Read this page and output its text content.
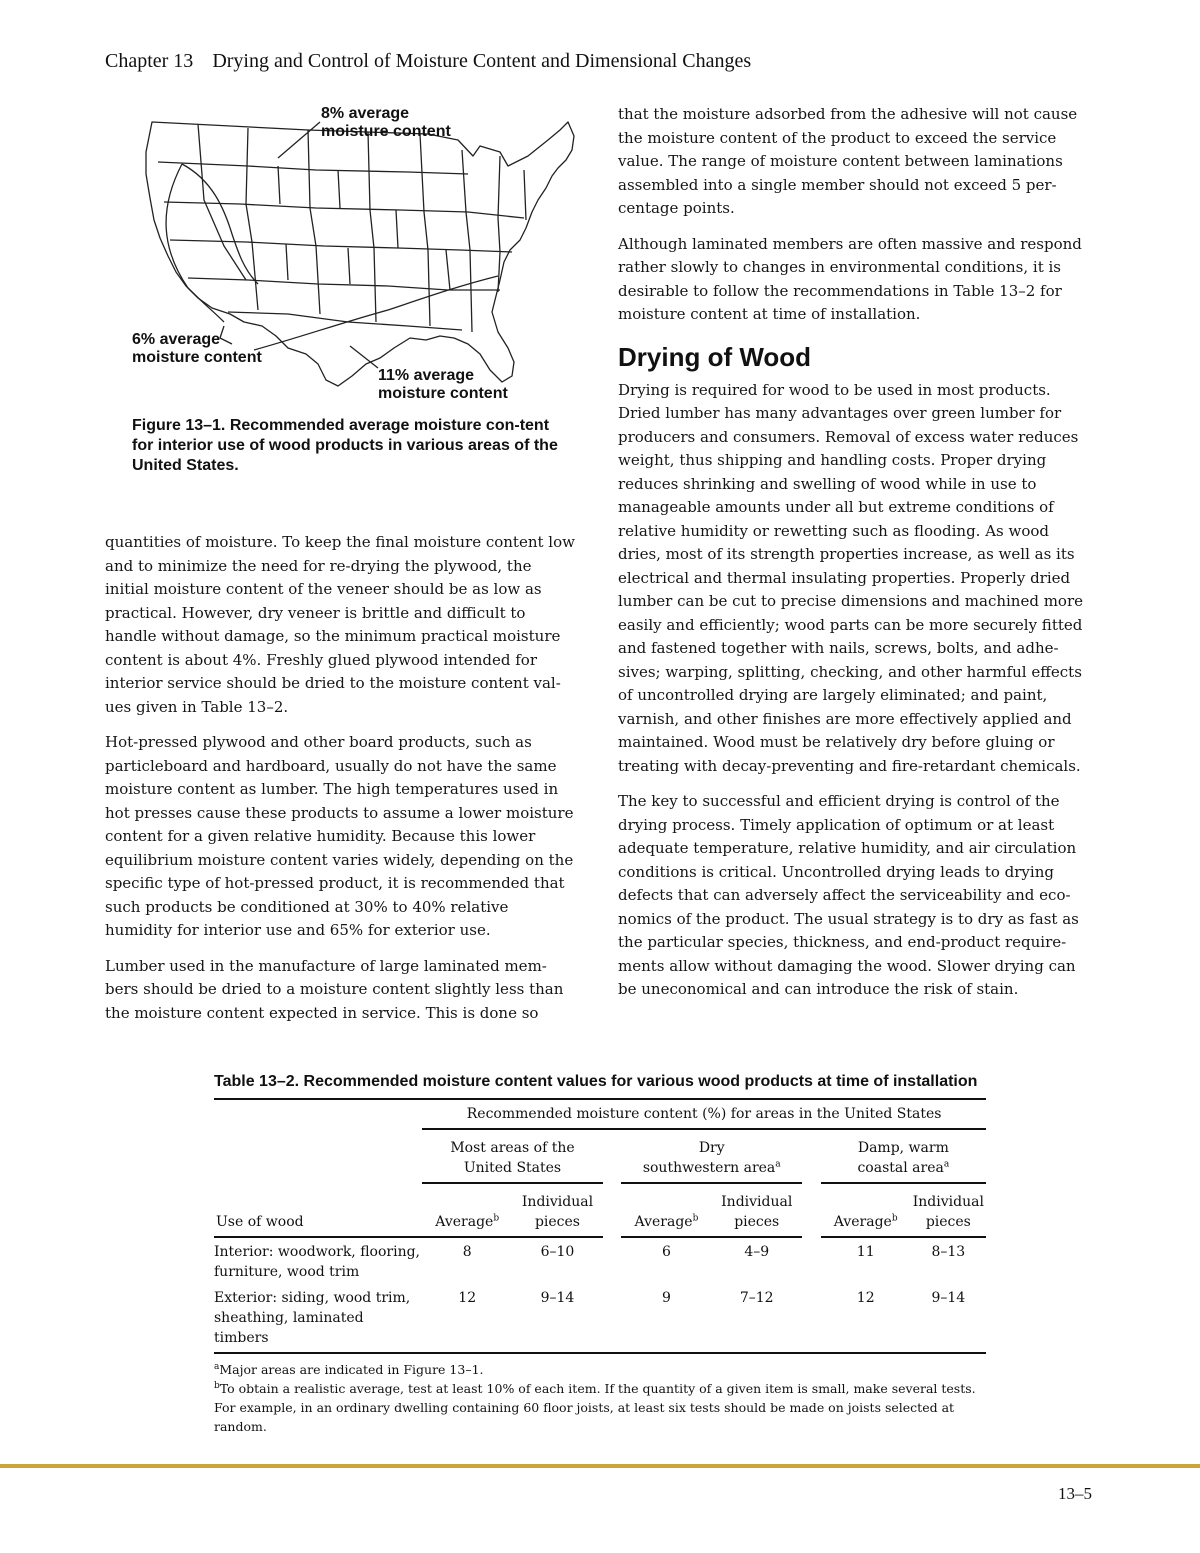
Chapter 13 Drying and Control of Moisture Content and Dimensional Changes
8% average
moisture content
6% average
moisture content
11% average
moisture content
Figure 13–1. Recommended average moisture con-tent for interior use of wood products in various areas of the United States.

quantities of moisture. To keep the final moisture content low and to minimize the need for re-drying the plywood, the initial moisture content of the veneer should be as low as practical. However, dry veneer is brittle and difficult to handle without damage, so the minimum practical moisture content is about 4%. Freshly glued plywood intended for interior service should be dried to the moisture content val-ues given in Table 13–2.

Hot-pressed plywood and other board products, such as particleboard and hardboard, usually do not have the same moisture content as lumber. The high temperatures used in hot presses cause these products to assume a lower moisture content for a given relative humidity. Because this lower equilibrium moisture content varies widely, depending on the specific type of hot-pressed product, it is recommended that such products be conditioned at 30% to 40% relative humidity for interior use and 65% for exterior use.

Lumber used in the manufacture of large laminated mem-bers should be dried to a moisture content slightly less than the moisture content expected in service. This is done so

that the moisture adsorbed from the adhesive will not cause the moisture content of the product to exceed the service value. The range of moisture content between laminations assembled into a single member should not exceed 5 per-centage points.

Although laminated members are often massive and respond rather slowly to changes in environmental conditions, it is desirable to follow the recommendations in Table 13–2 for moisture content at time of installation.

Drying of Wood

Drying is required for wood to be used in most products. Dried lumber has many advantages over green lumber for producers and consumers. Removal of excess water reduces weight, thus shipping and handling costs. Proper drying reduces shrinking and swelling of wood while in use to manageable amounts under all but extreme conditions of relative humidity or rewetting such as flooding. As wood dries, most of its strength properties increase, as well as its electrical and thermal insulating properties. Properly dried lumber can be cut to precise dimensions and machined more easily and efficiently; wood parts can be more securely fitted and fastened together with nails, screws, bolts, and adhe-sives; warping, splitting, checking, and other harmful effects of uncontrolled drying are largely eliminated; and paint, varnish, and other finishes are more effectively applied and maintained. Wood must be relatively dry before gluing or treating with decay-preventing and fire-retardant chemicals.

The key to successful and efficient drying is control of the drying process. Timely application of optimum or at least adequate temperature, relative humidity, and air circulation conditions is critical. Uncontrolled drying leads to drying defects that can adversely affect the serviceability and eco-nomics of the product. The usual strategy is to dry as fast as the particular species, thickness, and end-product require-ments allow without damaging the wood. Slower drying can be uneconomical and can introduce the risk of stain.

Table 13–2. Recommended moisture content values for various wood products at time of installation

	Recommended moisture content (%) for areas in the United States							
	Most areas of the
United States			Dry
southwestern area$^a$			Damp, warm
coastal area$^a$
Use of wood	Average$^b$	Individual
pieces		Average$^b$	Individual
pieces		Average$^b$	Individual
pieces
Interior: woodwork, flooring,
furniture, wood trim	8	6–10		6	4–9		11	8–13
Exterior: siding, wood trim,
sheathing, laminated timbers	12	9–14		9	7–12		12	9–14
$^a$Major areas are indicated in Figure 13–1.
$^b$To obtain a realistic average, test at least 10% of each item. If the quantity of a given item is small, make several tests. For example, in an ordinary dwelling containing 60 floor joists, at least six tests should be made on joists selected at random.
13–5
